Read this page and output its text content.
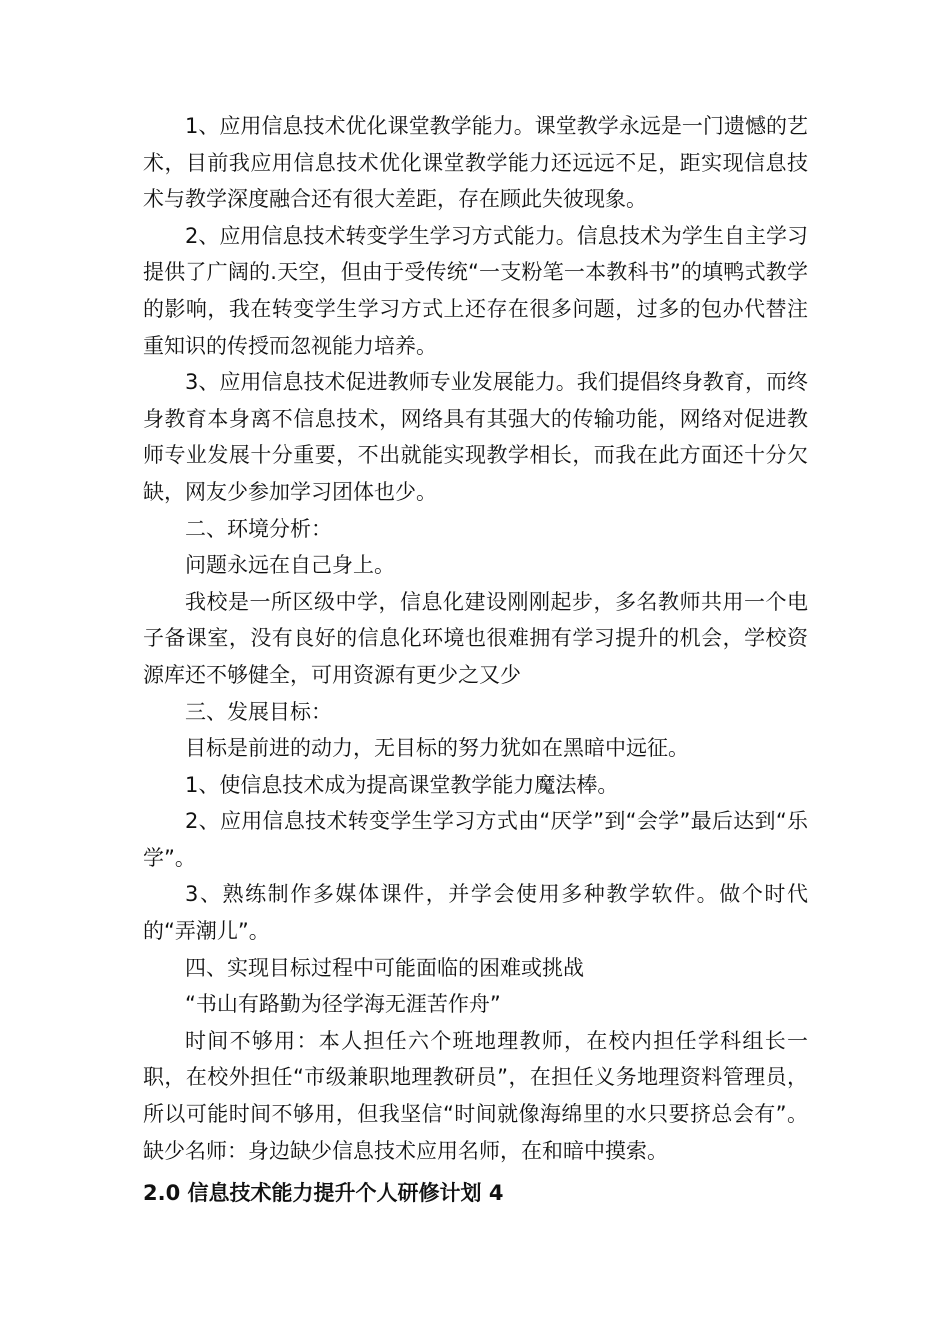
1、应用信息技术优化课堂教学能力。课堂教学永远是一门遗憾的艺术，目前我应用信息技术优化课堂教学能力还远远不足，距实现信息技术与教学深度融合还有很大差距，存在顾此失彼现象。

2、应用信息技术转变学生学习方式能力。信息技术为学生自主学习提供了广阔的.天空，但由于受传统“一支粉笔一本教科书”的填鸭式教学的影响，我在转变学生学习方式上还存在很多问题，过多的包办代替注重知识的传授而忽视能力培养。

3、应用信息技术促进教师专业发展能力。我们提倡终身教育，而终身教育本身离不信息技术，网络具有其强大的传输功能，网络对促进教师专业发展十分重要，不出就能实现教学相长，而我在此方面还十分欠缺，网友少参加学习团体也少。

二、环境分析：

问题永远在自己身上。

我校是一所区级中学，信息化建设刚刚起步，多名教师共用一个电子备课室，没有良好的信息化环境也很难拥有学习提升的机会，学校资源库还不够健全，可用资源有更少之又少

三、发展目标：

目标是前进的动力，无目标的努力犹如在黑暗中远征。

1、使信息技术成为提高课堂教学能力魔法棒。

2、应用信息技术转变学生学习方式由“厌学”到“会学”最后达到“乐学”。

3、熟练制作多媒体课件，并学会使用多种教学软件。做个时代的“弄潮儿”。

四、实现目标过程中可能面临的困难或挑战

“书山有路勤为径学海无涯苦作舟”

时间不够用：本人担任六个班地理教师，在校内担任学科组长一职，在校外担任“市级兼职地理教研员”，在担任义务地理资料管理员，所以可能时间不够用，但我坚信“时间就像海绵里的水只要挤总会有”。缺少名师：身边缺少信息技术应用名师，在和暗中摸索。

2.0 信息技术能力提升个人研修计划 4
